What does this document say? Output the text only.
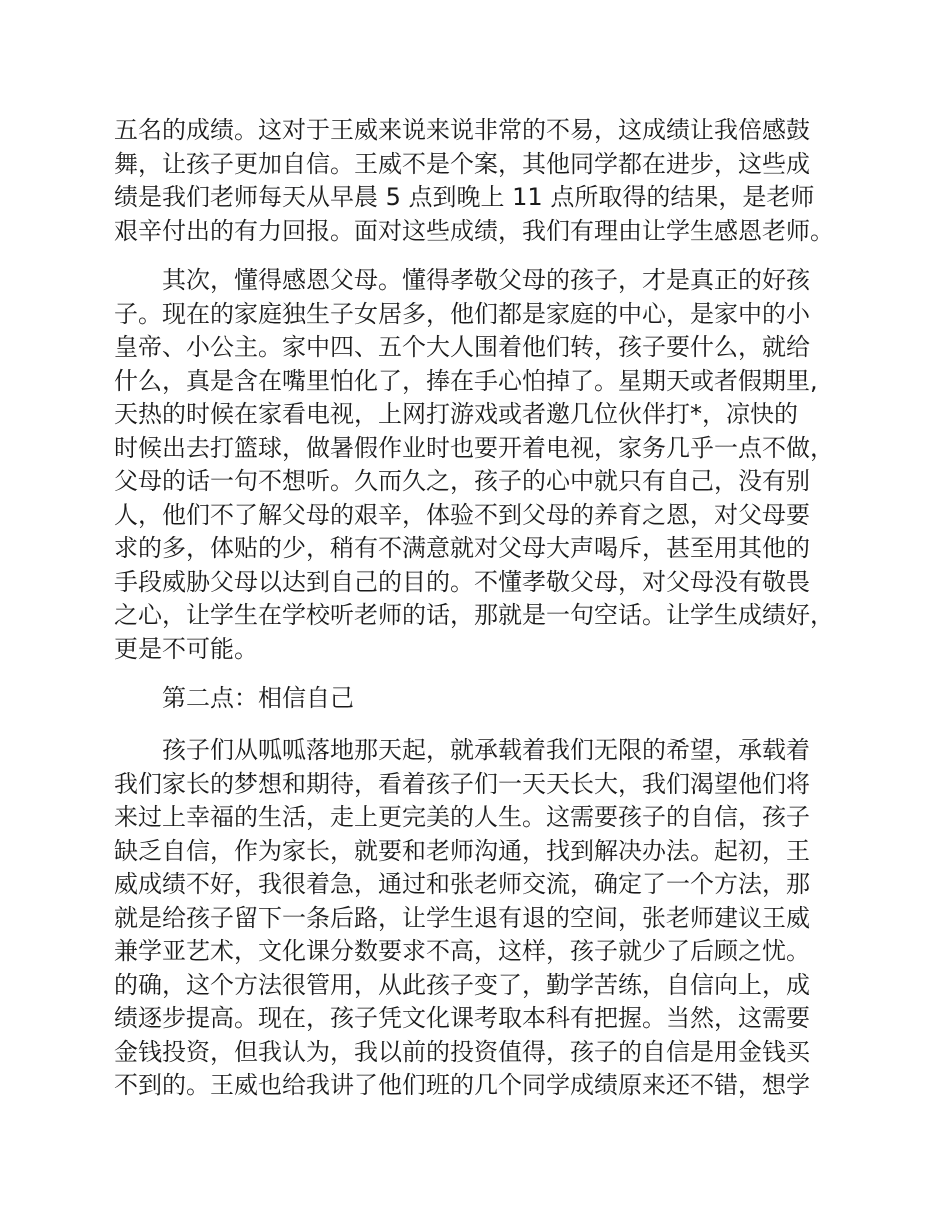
五名的成绩。这对于王威来说来说非常的不易，这成绩让我倍感鼓
舞，让孩子更加自信。王威不是个案，其他同学都在进步，这些成
绩是我们老师每天从早晨 5 点到晚上 11 点所取得的结果，是老师
艰辛付出的有力回报。面对这些成绩，我们有理由让学生感恩老师。
其次，懂得感恩父母。懂得孝敬父母的孩子，才是真正的好孩
子。现在的家庭独生子女居多，他们都是家庭的中心，是家中的小
皇帝、小公主。家中四、五个大人围着他们转，孩子要什么，就给
什么，真是含在嘴里怕化了，捧在手心怕掉了。星期天或者假期里,
天热的时候在家看电视，上网打游戏或者邀几位伙伴打*，凉快的
时候出去打篮球，做暑假作业时也要开着电视，家务几乎一点不做，
父母的话一句不想听。久而久之，孩子的心中就只有自己，没有别
人，他们不了解父母的艰辛，体验不到父母的养育之恩，对父母要
求的多，体贴的少，稍有不满意就对父母大声喝斥，甚至用其他的
手段威胁父母以达到自己的目的。不懂孝敬父母，对父母没有敬畏
之心，让学生在学校听老师的话，那就是一句空话。让学生成绩好，
更是不可能。
第二点：相信自己
孩子们从呱呱落地那天起，就承载着我们无限的希望，承载着
我们家长的梦想和期待，看着孩子们一天天长大，我们渴望他们将
来过上幸福的生活，走上更完美的人生。这需要孩子的自信，孩子
缺乏自信，作为家长，就要和老师沟通，找到解决办法。起初，王
威成绩不好，我很着急，通过和张老师交流，确定了一个方法，那
就是给孩子留下一条后路，让学生退有退的空间，张老师建议王威
兼学亚艺术，文化课分数要求不高，这样，孩子就少了后顾之忧。
的确，这个方法很管用，从此孩子变了，勤学苦练，自信向上，成
绩逐步提高。现在，孩子凭文化课考取本科有把握。当然，这需要
金钱投资，但我认为，我以前的投资值得，孩子的自信是用金钱买
不到的。王威也给我讲了他们班的几个同学成绩原来还不错，想学
